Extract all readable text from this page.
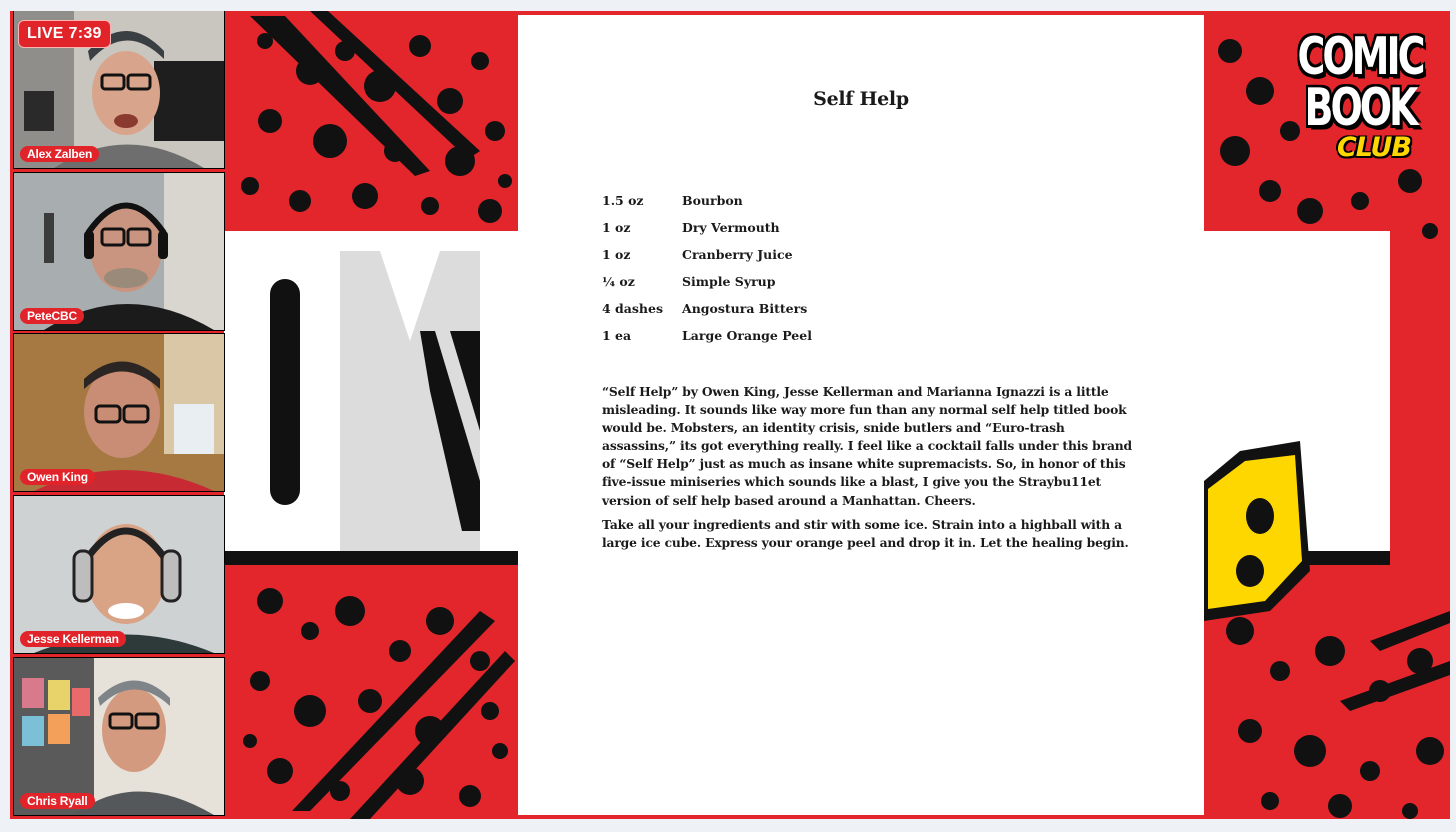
LIVE 7:39
Alex Zalben
PeteCBC
Owen King
Jesse Kellerman
Chris Ryall
Self Help
1.5 oz	Bourbon
1 oz	Dry Vermouth
1 oz	Cranberry Juice
¼ oz	Simple Syrup
4 dashes	Angostura Bitters
1 ea	Large Orange Peel

“Self Help” by Owen King, Jesse Kellerman and Marianna Ignazzi is a little misleading. It sounds like way more fun than any normal self help titled book would be. Mobsters, an identity crisis, snide butlers and “Euro-trash assassins,” its got everything really. I feel like a cocktail falls under this brand of “Self Help” just as much as insane white supremacists. So, in honor of this five-issue miniseries which sounds like a blast, I give you the Straybu11et version of self help based around a Manhattan. Cheers.

Take all your ingredients and stir with some ice. Strain into a highball with a large ice cube. Express your orange peel and drop it in. Let the healing begin.

COMIC
BOOK
CLUB
